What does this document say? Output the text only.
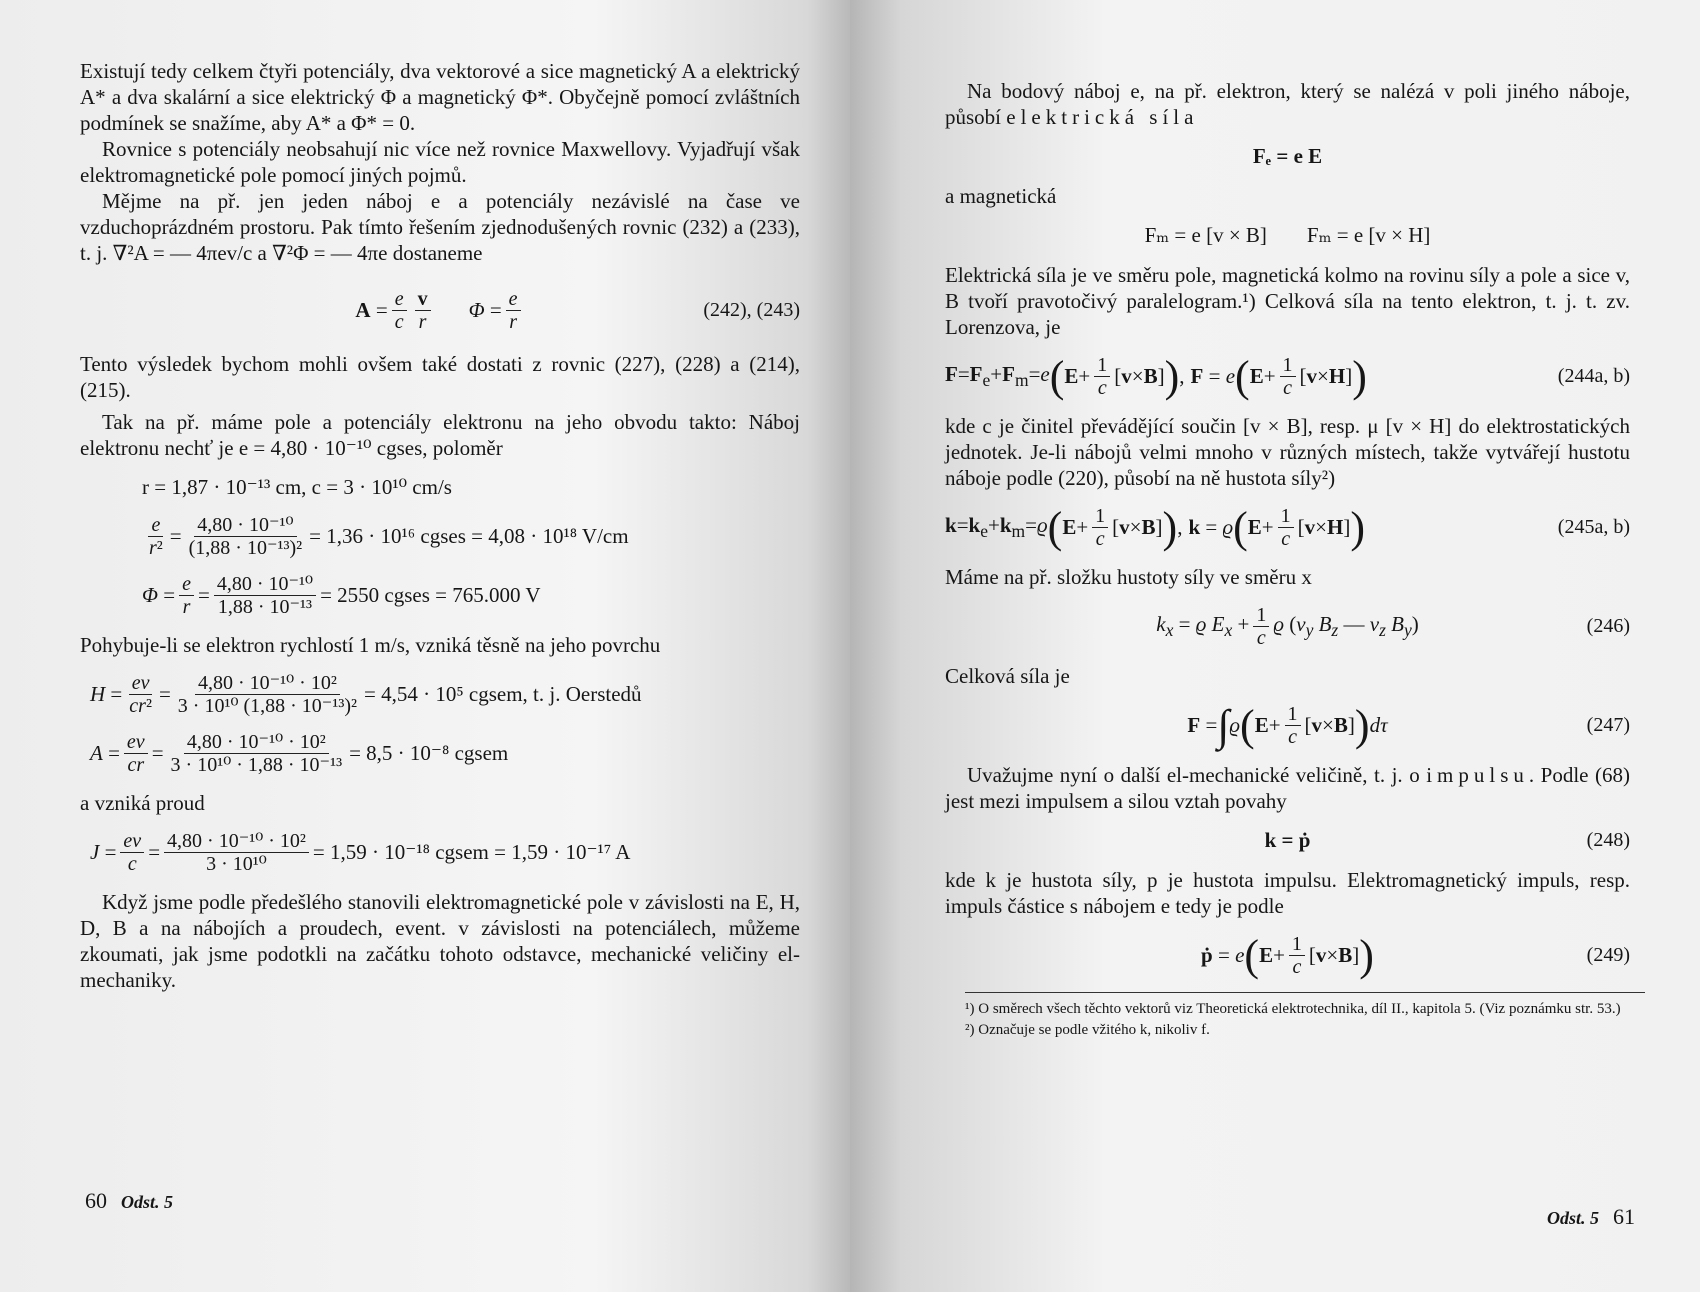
Existují tedy celkem čtyři potenciály, dva vektorové a sice magnetický A a elektrický A* a dva skalární a sice elektrický Φ a magnetický Φ*. Obyčejně pomocí zvláštních podmínek se snažíme, aby A* a Φ* = 0.

Rovnice s potenciály neobsahují nic více než rovnice Maxwellovy. Vyjadřují však elektromagnetické pole pomocí jiných pojmů.

Mějme na př. jen jeden náboj e a potenciály nezávislé na čase ve vzduchoprázdném prostoru. Pak tímto řešením zjednodušených rovnic (232) a (233), t. j. ∇²A = — 4πev/c a ∇²Φ = — 4πe dostaneme

$A = \frac{e}{c} \frac{v}{r}$ $\Phi = \frac{e}{r}$	(242), (243)

Tento výsledek bychom mohli ovšem také dostati z rovnic (227), (228) a (214), (215).

Tak na př. máme pole a potenciály elektronu na jeho obvodu takto: Náboj elektronu nechť je e = 4,80 · 10⁻¹⁰ cgses, poloměr

r = 1,87 · 10⁻¹³ cm, c = 3 · 10¹⁰ cm/s
$\frac{e}{\text{r²}} = \frac{\text{4,80 · 10⁻¹⁰}}{\text{(1,88 · 10⁻¹³)²}} = 1,36 \cdot 10^{16}$ cgses = 4,08 · 10¹⁸ V/cm
$\Phi = \frac{e}{r} = \frac{\text{4,80 · 10⁻¹⁰}}{\text{1,88 · 10⁻¹³}} = 2550$ cgses = 765.000 V

Pohybuje-li se elektron rychlostí 1 m/s, vzniká těsně na jeho povrchu

$H = \frac{ev}{\text{cr²}} = \frac{\text{4,80 · 10⁻¹⁰ · 10²}}{\text{3 · 10¹⁰ (1,88 · 10⁻¹³)²}} = 4,54 \cdot 10^5$ cgsem, t. j. Oerstedů
$A = \frac{ev}{cr} = \frac{\text{4,80 · 10⁻¹⁰ · 10²}}{\text{3 · 10¹⁰ · 1,88 · 10⁻¹³}} = 8,5 \cdot 10^{-8}$ cgsem

a vzniká proud

$J = \frac{ev}{c} = \frac{\text{4,80 · 10⁻¹⁰ · 10²}}{\text{3 · 10¹⁰}} = 1,59 \cdot 10^{-18}$ cgsem = 1,59 · 10⁻¹⁷ A

Když jsme podle předešlého stanovili elektromagnetické pole v závislosti na E, H, D, B a na nábojích a proudech, event. v závislosti na potenciálech, můžeme zkoumati, jak jsme podotkli na začátku tohoto odstavce, mechanické veličiny el-mechaniky.

60 Odst. 5

Na bodový náboj e, na př. elektron, který se nalézá v poli jiného náboje, působí elektrická síla

Fₑ = e E

a magnetická

Fₘ = e [v × B] Fₘ = e [v × H]

Elektrická síla je ve směru pole, magnetická kolmo na rovinu síly a pole a sice v, B tvoří pravotočivý paralelogram.¹) Celková síla na tento elektron, t. j. t. zv. Lorenzova, je

$F=F_e+F_m=e$ ( $E + \frac{1}{c}$ [ v × B ] ) , F = e ( $E + \frac{1}{c}$ [ v × H ] )	(244a, b)

kde c je činitel převádějící součin [v × B], resp. μ [v × H] do elektrostatických jednotek. Je-li nábojů velmi mnoho v různých místech, takže vytvářejí hustotu náboje podle (220), působí na ně hustota síly²)

$k=k_e+k_m=ϱ$ ( $E + \frac{1}{c}$ [ v × B ] ) , k = ϱ ( $E + \frac{1}{c}$ [ v × H ] )	(245a, b)

Máme na př. složku hustoty síly ve směru x

$k_x = ϱ$ $E_x + \frac{1}{c}$ ϱ ($v_y$ $B_z$ — $v_z$ $B_y$)	(246)

Celková síla je

F = ∫ ϱ ( $E + \frac{1}{c}$ [ v × B ] ) dτ	(247)

Uvažujme nyní o další el-mechanické veličině, t. j. o impulsu. Podle (68) jest mezi impulsem a silou vztah povahy

k = ṗ	(248)

kde k je hustota síly, p je hustota impulsu. Elektromagnetický impuls, resp. impuls částice s nábojem e tedy je podle

ṗ = e ( $E + \frac{1}{c}$ [ v × B ] )	(249)

¹) O směrech všech těchto vektorů viz Theoretická elektrotechnika, díl II., kapitola 5. (Viz poznámku str. 53.)

²) Označuje se podle vžitého k, nikoliv f.

Odst. 5 61
